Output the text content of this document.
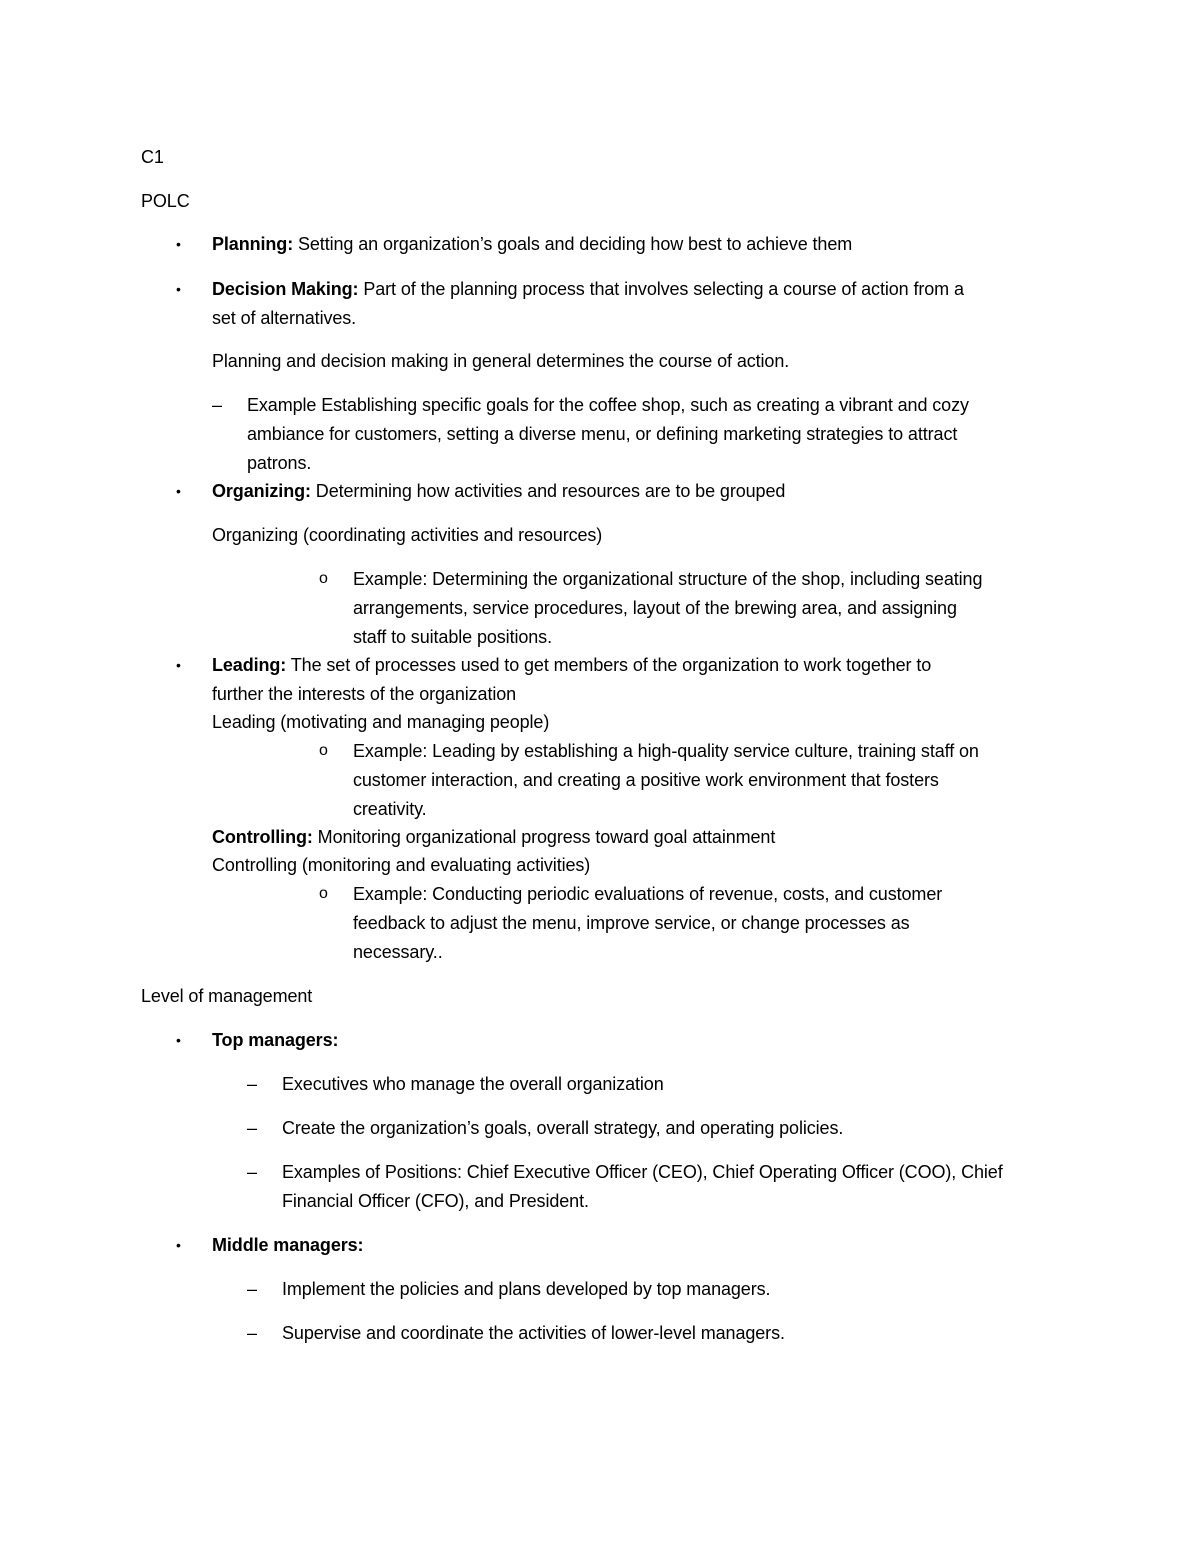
C1
POLC
• Planning: Setting an organization’s goals and deciding how best to achieve them
• Decision Making: Part of the planning process that involves selecting a course of action from a
set of alternatives.
Planning and decision making in general determines the course of action.
– Example Establishing specific goals for the coffee shop, such as creating a vibrant and cozy
ambiance for customers, setting a diverse menu, or defining marketing strategies to attract
patrons.
• Organizing: Determining how activities and resources are to be grouped
Organizing (coordinating activities and resources)
o Example: Determining the organizational structure of the shop, including seating
arrangements, service procedures, layout of the brewing area, and assigning
staff to suitable positions.
• Leading: The set of processes used to get members of the organization to work together to
further the interests of the organization
Leading (motivating and managing people)
o Example: Leading by establishing a high-quality service culture, training staff on
customer interaction, and creating a positive work environment that fosters
creativity.
Controlling: Monitoring organizational progress toward goal attainment
Controlling (monitoring and evaluating activities)
o Example: Conducting periodic evaluations of revenue, costs, and customer
feedback to adjust the menu, improve service, or change processes as
necessary..
Level of management
• Top managers:
– Executives who manage the overall organization
– Create the organization’s goals, overall strategy, and operating policies.
– Examples of Positions: Chief Executive Officer (CEO), Chief Operating Officer (COO), Chief
Financial Officer (CFO), and President.
• Middle managers:
– Implement the policies and plans developed by top managers.
– Supervise and coordinate the activities of lower-level managers.
